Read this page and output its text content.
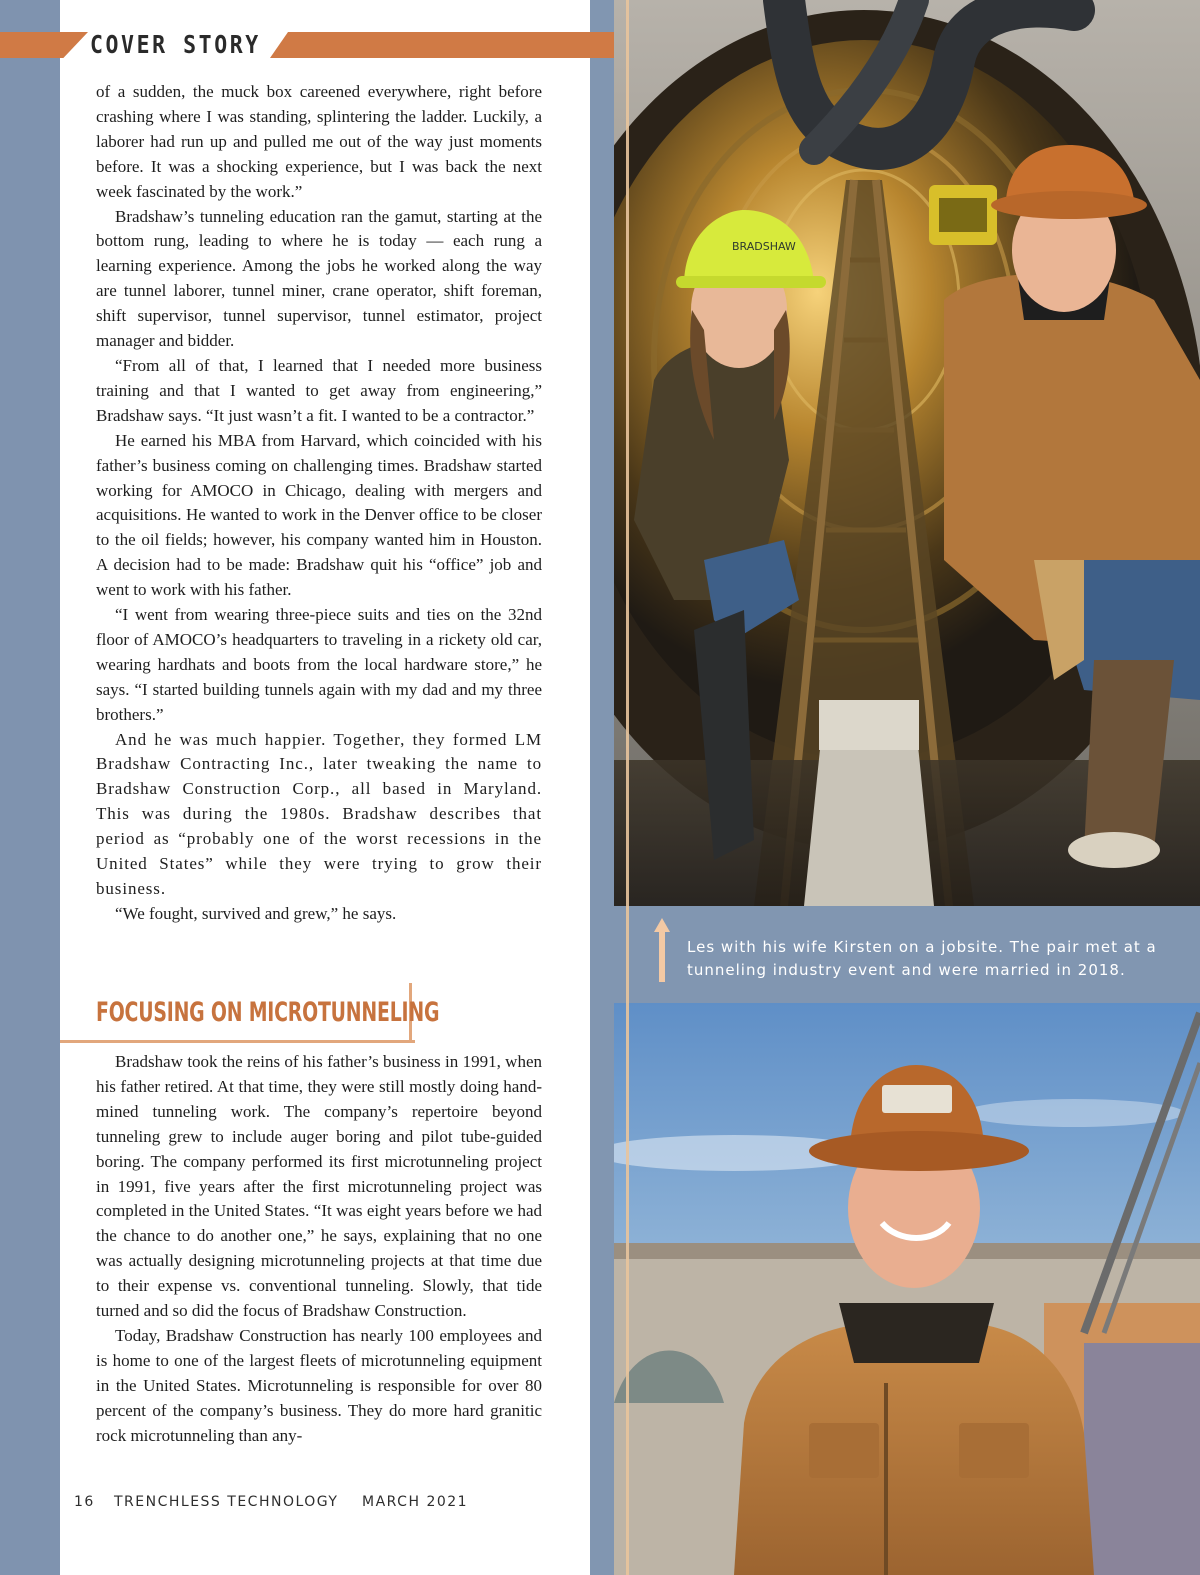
COVER STORY

of a sudden, the muck box careened everywhere, right before crashing where I was standing, splintering the ladder. Luckily, a laborer had run up and pulled me out of the way just moments before. It was a shocking experience, but I was back the next week fascinated by the work.”

Bradshaw’s tunneling education ran the gamut, starting at the bottom rung, leading to where he is today — each rung a learning experience. Among the jobs he worked along the way are tunnel laborer, tunnel miner, crane operator, shift foreman, shift supervisor, tunnel supervisor, tunnel estimator, project manager and bidder.

“From all of that, I learned that I needed more business training and that I wanted to get away from engineering,” Bradshaw says. “It just wasn’t a fit. I wanted to be a contractor.”

He earned his MBA from Harvard, which coincided with his father’s business coming on challenging times. Bradshaw started working for AMOCO in Chicago, dealing with mergers and acquisitions. He wanted to work in the Denver office to be closer to the oil fields; however, his company wanted him in Houston. A decision had to be made: Bradshaw quit his “office” job and went to work with his father.

“I went from wearing three-piece suits and ties on the 32nd floor of AMOCO’s headquarters to traveling in a rickety old car, wearing hardhats and boots from the local hardware store,” he says. “I started building tunnels again with my dad and my three brothers.”

And he was much happier. Together, they formed LM Bradshaw Contracting Inc., later tweaking the name to Bradshaw Construction Corp., all based in Maryland. This was during the 1980s. Bradshaw describes that period as “probably one of the worst recessions in the United States” while they were trying to grow their business.

“We fought, survived and grew,” he says.

FOCUSING ON MICROTUNNELING

Bradshaw took the reins of his father’s business in 1991, when his father retired. At that time, they were still mostly doing hand-mined tunneling work. The company’s repertoire beyond tunneling grew to include auger boring and pilot tube-guided boring. The company performed its first microtunneling project in 1991, five years after the first microtunneling project was completed in the United States. “It was eight years before we had the chance to do another one,” he says, explaining that no one was actually designing microtunneling projects at that time due to their expense vs. conventional tunneling. Slowly, that tide turned and so did the focus of Bradshaw Construction.

Today, Bradshaw Construction has nearly 100 employees and is home to one of the largest fleets of microtunneling equipment in the United States. Microtunneling is responsible for over 80 percent of the company’s business. They do more hard granitic rock microtunneling than any-

16 TRENCHLESS TECHNOLOGY MARCH 2021
BRADSHAW
Les with his wife Kirsten on a jobsite. The pair met at a tunneling industry event and were married in 2018.
